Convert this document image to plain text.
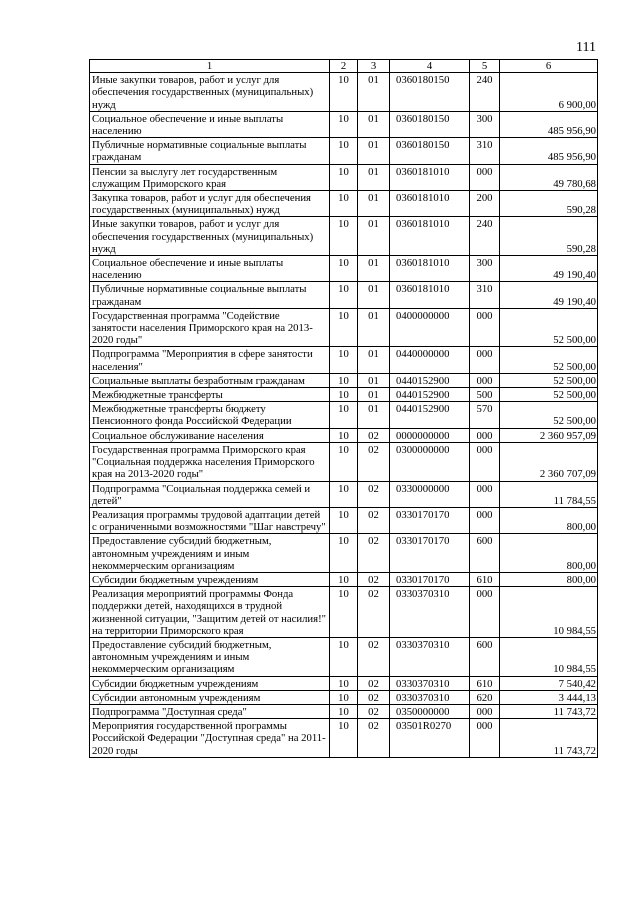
111
1	2	3	4	5	6
Иные закупки товаров, работ и услуг для обеспечения государственных (муниципальных) нужд	10	01	0360180150	240	6 900,00
Социальное обеспечение и иные выплаты населению	10	01	0360180150	300	485 956,90
Публичные нормативные социальные выплаты гражданам	10	01	0360180150	310	485 956,90
Пенсии за выслугу лет государственным служащим Приморского края	10	01	0360181010	000	49 780,68
Закупка товаров, работ и услуг для обеспечения государственных (муниципальных) нужд	10	01	0360181010	200	590,28
Иные закупки товаров, работ и услуг для обеспечения государственных (муниципальных) нужд	10	01	0360181010	240	590,28
Социальное обеспечение и иные выплаты населению	10	01	0360181010	300	49 190,40
Публичные нормативные социальные выплаты гражданам	10	01	0360181010	310	49 190,40
Государственная программа "Содействие занятости населения Приморского края на 2013-2020 годы"	10	01	0400000000	000	52 500,00
Подпрограмма "Мероприятия в сфере занятости населения"	10	01	0440000000	000	52 500,00
Социальные выплаты безработным гражданам	10	01	0440152900	000	52 500,00
Межбюджетные трансферты	10	01	0440152900	500	52 500,00
Межбюджетные трансферты бюджету Пенсионного фонда Российской Федерации	10	01	0440152900	570	52 500,00
Социальное обслуживание населения	10	02	0000000000	000	2 360 957,09
Государственная программа Приморского края "Социальная поддержка населения Приморского края на 2013-2020 годы"	10	02	0300000000	000	2 360 707,09
Подпрограмма "Социальная поддержка семей и детей"	10	02	0330000000	000	11 784,55
Реализация программы трудовой адаптации детей с ограниченными возможностями "Шаг навстречу"	10	02	0330170170	000	800,00
Предоставление субсидий бюджетным, автономным учреждениям и иным некоммерческим организациям	10	02	0330170170	600	800,00
Субсидии бюджетным учреждениям	10	02	0330170170	610	800,00
Реализация мероприятий программы Фонда поддержки детей, находящихся в трудной жизненной ситуации, "Защитим детей от насилия!" на территории Приморского края	10	02	0330370310	000	10 984,55
Предоставление субсидий бюджетным, автономным учреждениям и иным некоммерческим организациям	10	02	0330370310	600	10 984,55
Субсидии бюджетным учреждениям	10	02	0330370310	610	7 540,42
Субсидии автономным учреждениям	10	02	0330370310	620	3 444,13
Подпрограмма "Доступная среда"	10	02	0350000000	000	11 743,72
Мероприятия государственной программы Российской Федерации "Доступная среда" на 2011-2020 годы	10	02	03501R0270	000	11 743,72
